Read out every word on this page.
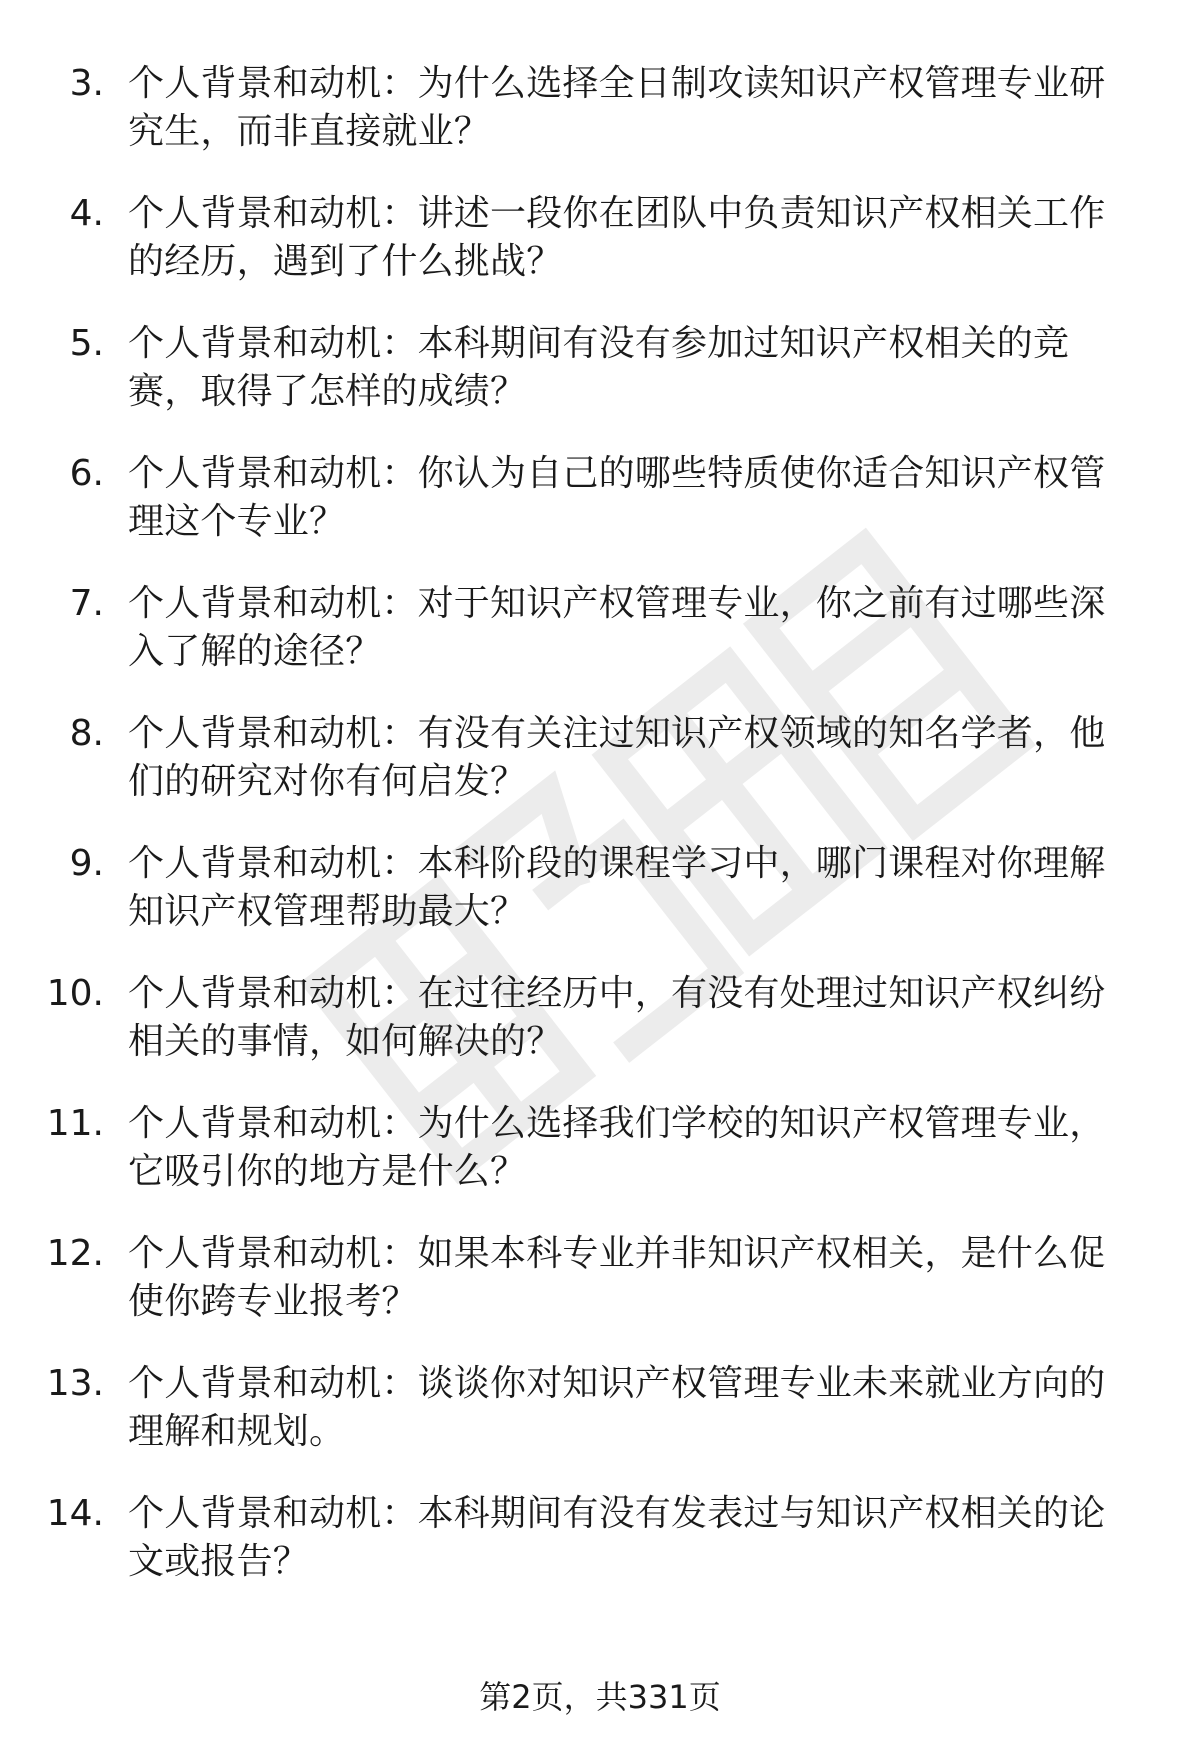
3. 个人背景和动机：为什么选择全日制攻读知识产权管理专业研究生，而非直接就业？
4. 个人背景和动机：讲述一段你在团队中负责知识产权相关工作的经历，遇到了什么挑战？
5. 个人背景和动机：本科期间有没有参加过知识产权相关的竞赛，取得了怎样的成绩？
6. 个人背景和动机：你认为自己的哪些特质使你适合知识产权管理这个专业？
7. 个人背景和动机：对于知识产权管理专业，你之前有过哪些深入了解的途径？
8. 个人背景和动机：有没有关注过知识产权领域的知名学者，他们的研究对你有何启发？
9. 个人背景和动机：本科阶段的课程学习中，哪门课程对你理解知识产权管理帮助最大？
10. 个人背景和动机：在过往经历中，有没有处理过知识产权纠纷相关的事情，如何解决的？
11. 个人背景和动机：为什么选择我们学校的知识产权管理专业，它吸引你的地方是什么？
12. 个人背景和动机：如果本科专业并非知识产权相关，是什么促使你跨专业报考？
13. 个人背景和动机：谈谈你对知识产权管理专业未来就业方向的理解和规划。
14. 个人背景和动机：本科期间有没有发表过与知识产权相关的论文或报告？
第2页，共331页
